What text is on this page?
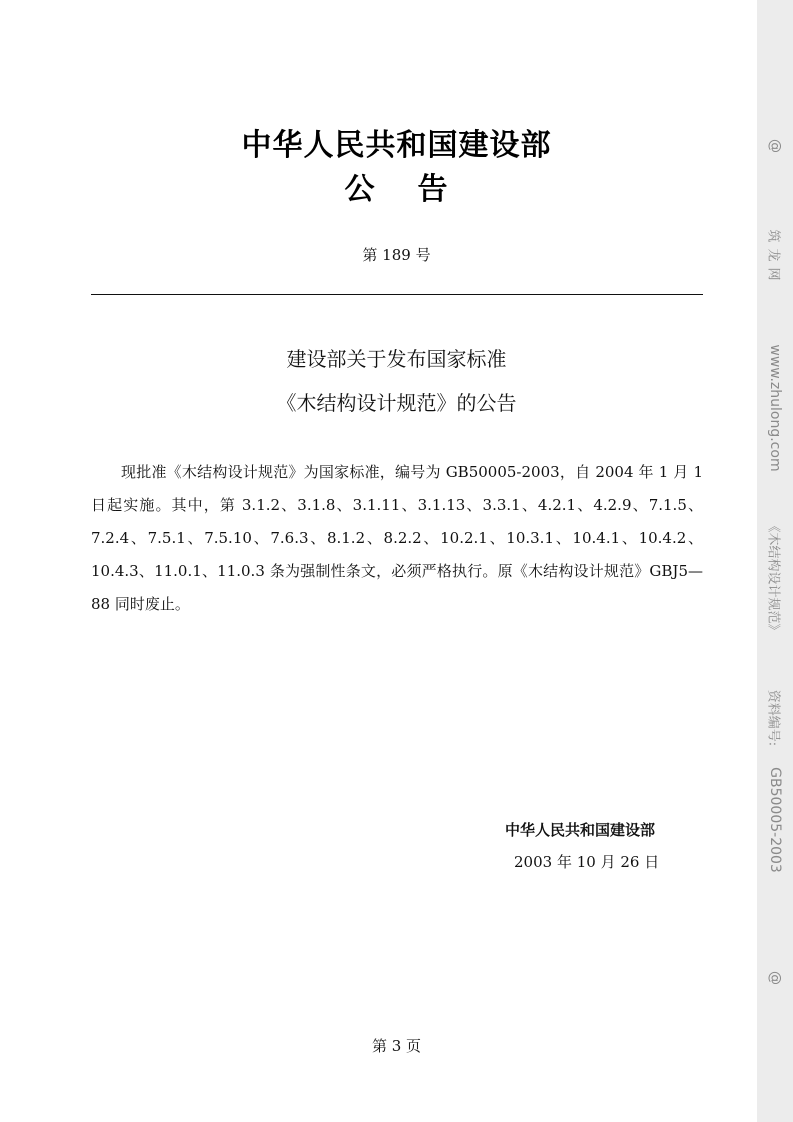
中华人民共和国建设部
公 告
第 189 号
建设部关于发布国家标准
《木结构设计规范》的公告

现批准《木结构设计规范》为国家标准，编号为 GB50005-2003，自 2004 年 1 月 1 日起实施。其中，第 3.1.2、3.1.8、3.1.11、3.1.13、3.3.1、4.2.1、4.2.9、7.1.5、7.2.4、7.5.1、7.5.10、7.6.3、8.1.2、8.2.2、10.2.1、10.3.1、10.4.1、10.4.2、10.4.3、11.0.1、11.0.3 条为强制性条文，必须严格执行。原《木结构设计规范》GBJ5—88 同时废止。

中华人民共和国建设部
2003 年 10 月 26 日
第 3 页
@
筑龙网
www.zhulong.com
《木结构设计规范》
资料编号:
GB50005-2003
@
